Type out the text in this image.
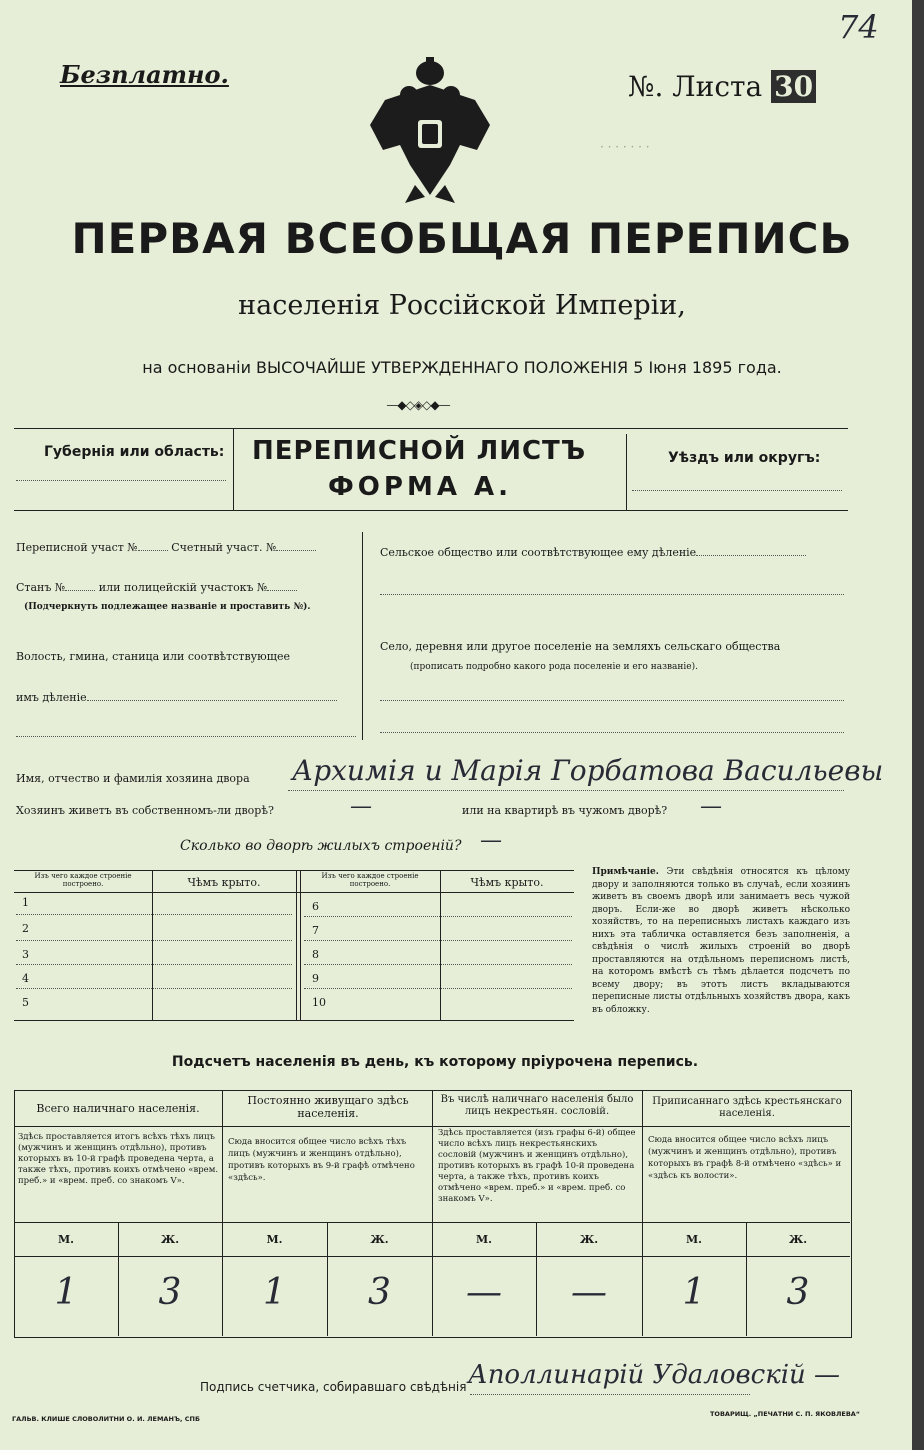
· · · · · · ·
Безплатно.
74
№. Листа 30
ПЕРВАЯ ВСЕОБЩАЯ ПЕРЕПИСЬ
населенія Россійской Имперіи,
на основаніи ВЫСОЧАЙШЕ УТВЕРЖДЕННАГО ПОЛОЖЕНІЯ 5 Іюня 1895 года.
—◆◇◈◇◆—
Губернія или область: ПЕРЕПИСНОЙ ЛИСТЪ
ФОРМА А.
Уѣздъ или округъ:
Переписной участ №	Счетный участ. №
Станъ №	или полицейскій участокъ №
(Подчеркнуть подлежащее названіе и проставить №).
Волость, гмина, станица или соотвѣтствующее
имъ дѣленіе
Сельское общество или соотвѣтствующее ему дѣленіе
Село, деревня или другое поселеніе на земляхъ сельскаго общества
(прописать подробно какого рода поселеніе и его названіе).
Имя, отчество и фамилія хозяина двора Архимія и Марія Горбатова Васильевы
Хозяинъ живетъ въ собственномъ-ли дворѣ?	—	или на квартирѣ въ чужомъ дворѣ? —
Сколько во дворѣ жилыхъ строеній? —
Изъ чего каждое строеніе построено.	Чѣмъ крыто.	Изъ чего каждое строеніе построено.	Чѣмъ крыто.
1
2
3
4
5
6
7
8
9
10
Примѣчаніе. Эти свѣдѣнія относятся къ цѣлому двору и заполняются только въ случаѣ, если хозяинъ живетъ въ своемъ дворѣ или занимаетъ весь чужой дворъ. Если-же во дворѣ живетъ нѣсколько хозяйствъ, то на переписныхъ листахъ каждаго изъ нихъ эта табличка оставляется безъ заполненія, а свѣдѣнія о числѣ жилыхъ строеній во дворѣ проставляются на отдѣльномъ переписномъ листѣ, на которомъ вмѣстѣ съ тѣмъ дѣлается подсчетъ по всему двору; въ этотъ листъ вкладываются переписные листы отдѣльныхъ хозяйствъ двора, какъ въ обложку.
Подсчетъ населенія въ день, къ которому пріурочена перепись.
Всего наличнаго населенія.
Здѣсь проставляется итогъ всѣхъ тѣхъ лицъ (мужчинъ и женщинъ отдѣльно), противъ которыхъ въ 10-й графѣ проведена черта, а также тѣхъ, противъ коихъ отмѣчено «врем. преб.» и «врем. преб. со знакомъ V».
Постоянно живущаго здѣсь населенія.
Сюда вносится общее число всѣхъ тѣхъ лицъ (мужчинъ и женщинъ отдѣльно), противъ которыхъ въ 9-й графѣ отмѣчено «здѣсь».
Въ числѣ наличнаго населенія было лицъ некрестьян. сословій.
Здѣсь проставляется (изъ графы 6-й) общее число всѣхъ лицъ некрестьянскихъ сословій (мужчинъ и женщинъ отдѣльно), противъ которыхъ въ графѣ 10-й проведена черта, а также тѣхъ, противъ коихъ отмѣчено «врем. преб.» и «врем. преб. со знакомъ V».
Приписаннаго здѣсь крестьянскаго населенія.
Сюда вносится общее число всѣхъ лицъ (мужчинъ и женщинъ отдѣльно), противъ которыхъ въ графѣ 8-й отмѣчено «здѣсь» и «здѣсь къ волости».
М.	Ж.	М.	Ж.	М.	Ж.	М.	Ж.
1	3	1	3	—	—	1	3
Подпись счетчика, собиравшаго свѣдѣнія Аполлинарій Удаловскій —
ГАЛЬВ. КЛИШЕ СЛОВОЛИТНИ О. И. ЛЕМАНЪ, СПБ
ТОВАРИЩ. „ПЕЧАТНИ С. П. ЯКОВЛЕВА“
